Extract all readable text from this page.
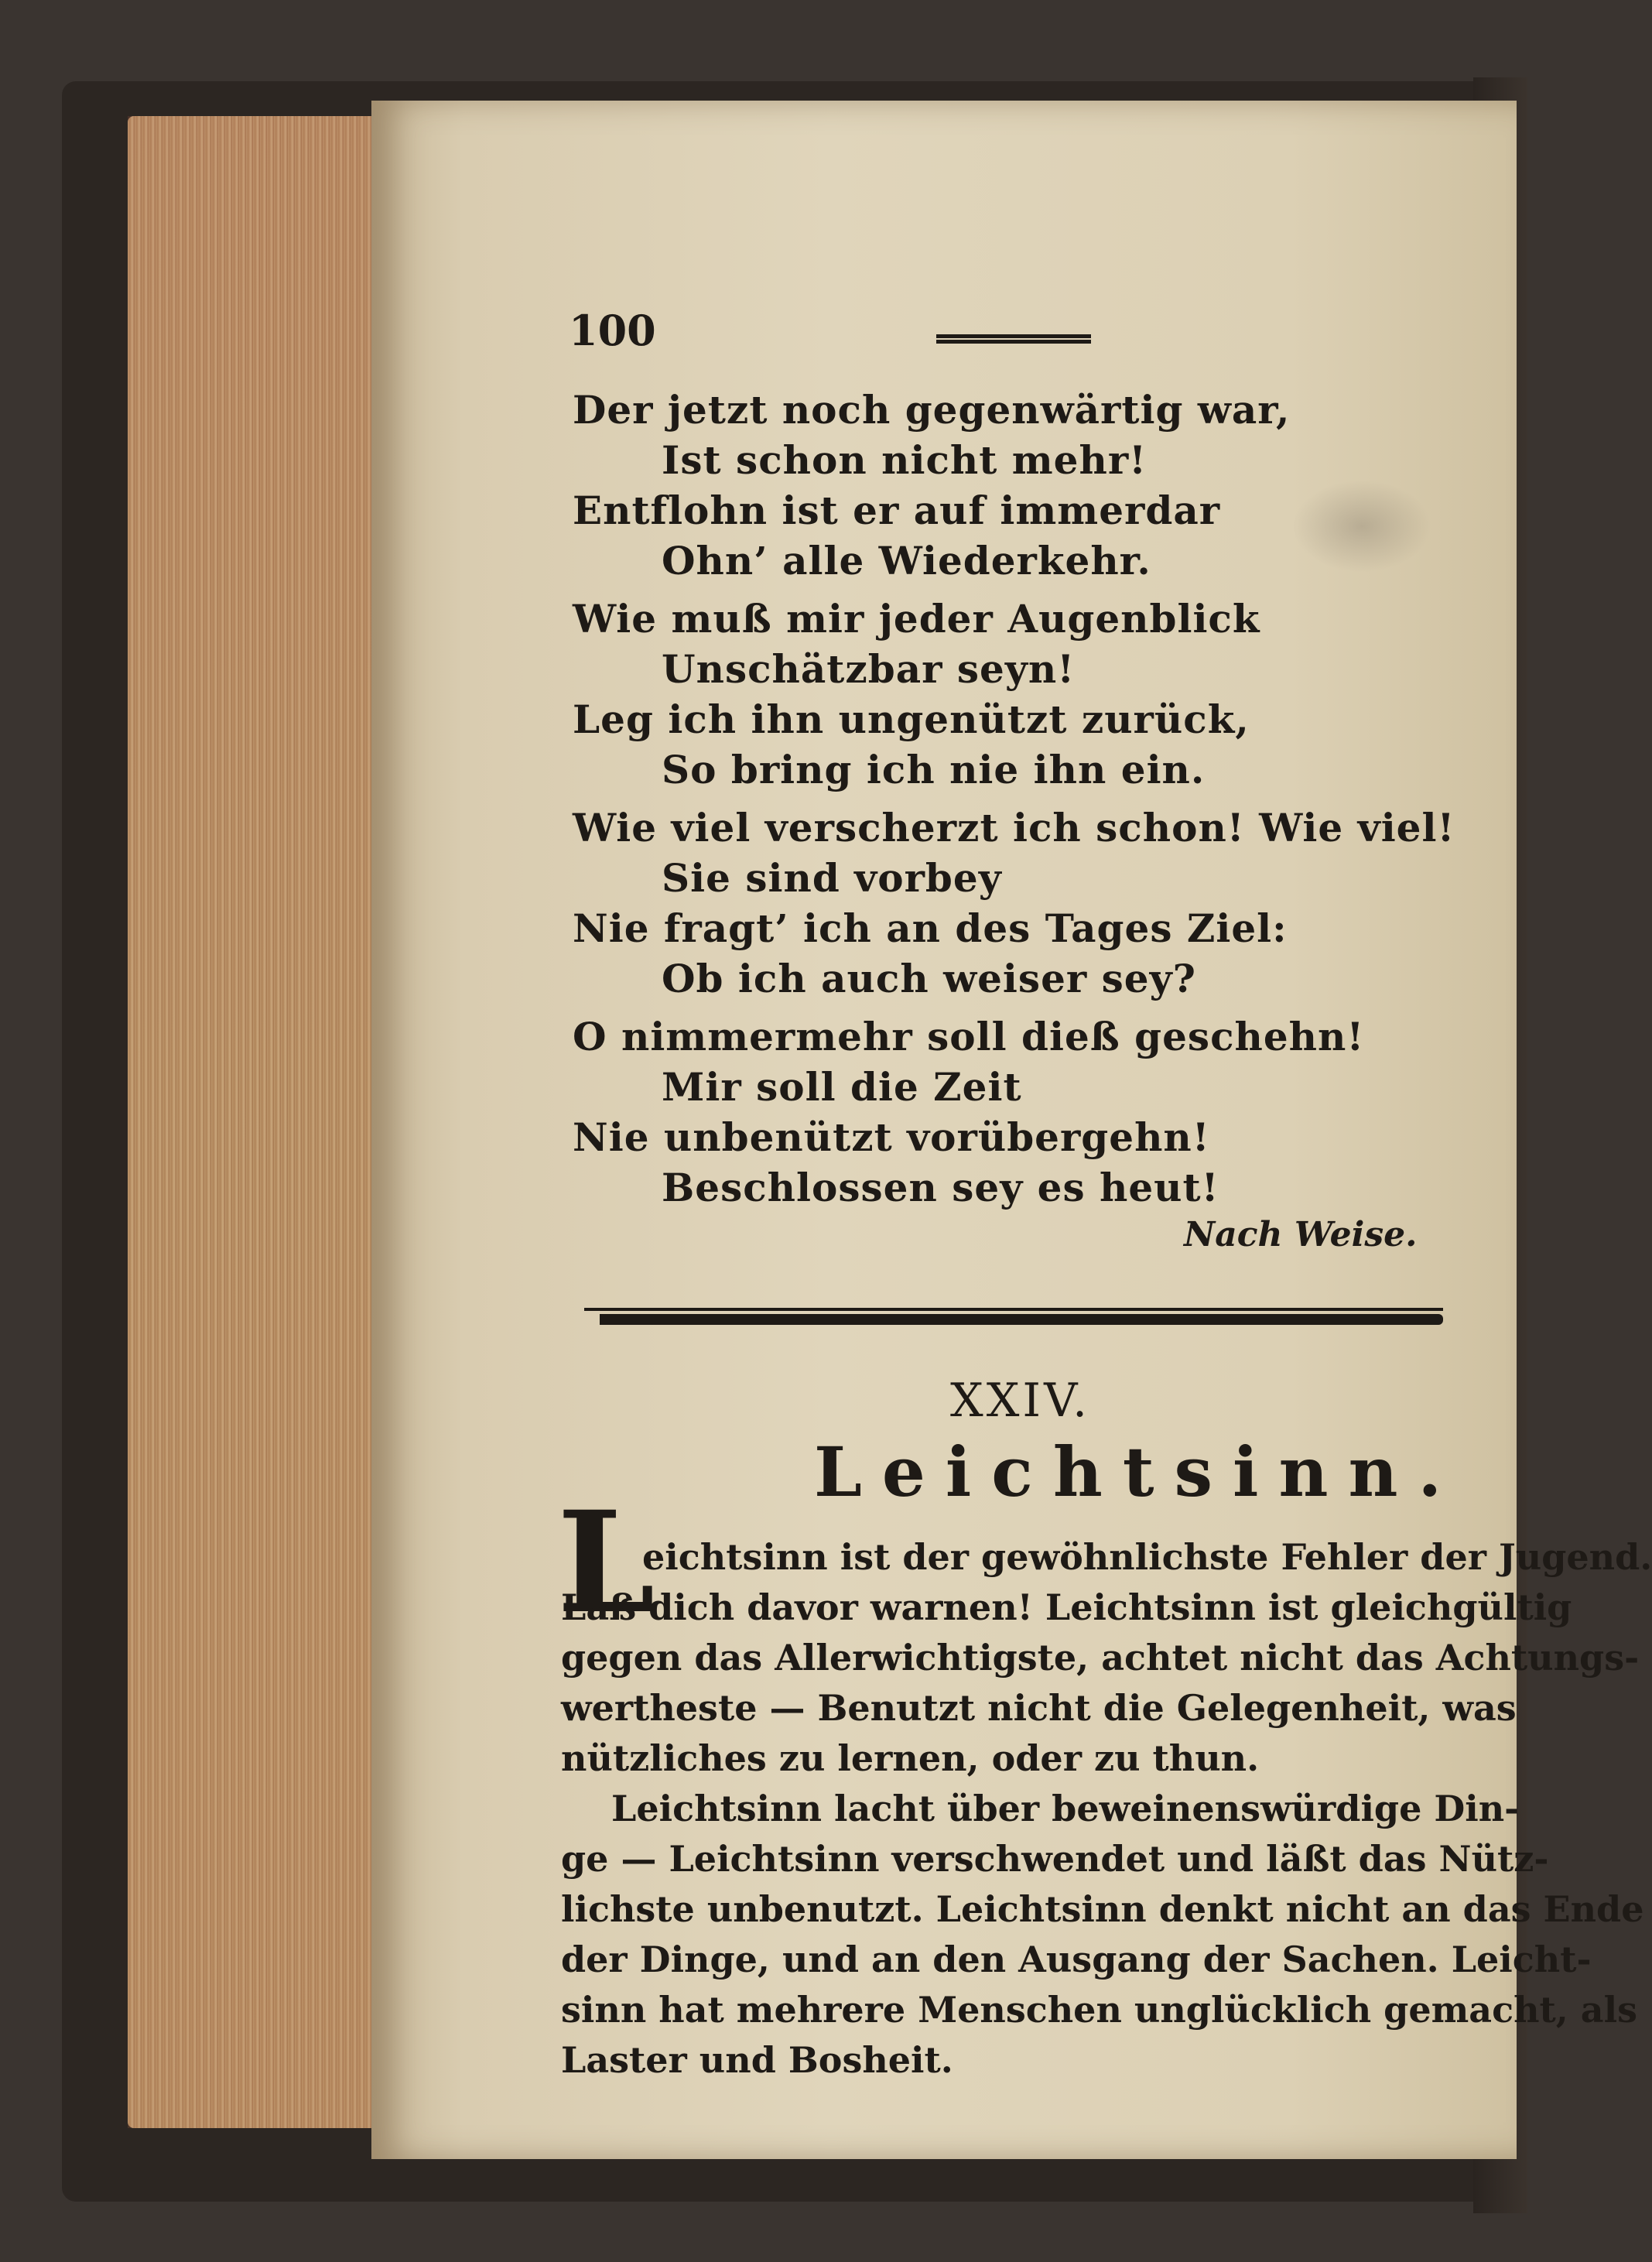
100
Der jetzt noch gegenwärtig war,
Ist schon nicht mehr!
Entflohn ist er auf immerdar
Ohn’ alle Wiederkehr.
Wie muß mir jeder Augenblick
Unschätzbar seyn!
Leg ich ihn ungenützt zurück,
So bring ich nie ihn ein.
Wie viel verscherzt ich schon! Wie viel!
Sie sind vorbey
Nie fragt’ ich an des Tages Ziel:
Ob ich auch weiser sey?
O nimmermehr soll dieß geschehn!
Mir soll die Zeit
Nie unbenützt vorübergehn!
Beschlossen sey es heut!
Nach Weise.
XXIV.
Leichtsinn.
L
eichtsinn ist der gewöhnlichste Fehler der Jugend.
Laß dich davor warnen! Leichtsinn ist gleichgültig
gegen das Allerwichtigste, achtet nicht das Achtungs-
wertheste — Benutzt nicht die Gelegenheit, was
nützliches zu lernen, oder zu thun.
Leichtsinn lacht über beweinenswürdige Din-
ge — Leichtsinn verschwendet und läßt das Nütz-
lichste unbenutzt. Leichtsinn denkt nicht an das Ende
der Dinge, und an den Ausgang der Sachen. Leicht-
sinn hat mehrere Menschen unglücklich gemacht, als
Laster und Bosheit.
